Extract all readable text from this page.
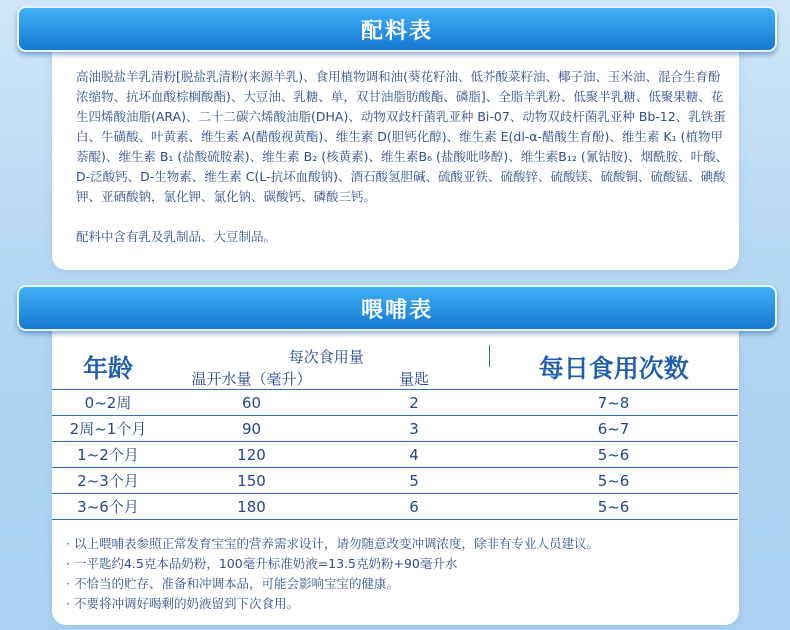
配料表

高油脱盐羊乳清粉[脱盐乳清粉(来源羊乳)、食用植物调和油(葵花籽油、低芥酸菜籽油、椰子油、玉米油、混合生育酚浓缩物、抗坏血酸棕榈酸酯)、大豆油、乳糖、单，双甘油脂肪酸酯、磷脂]、全脂羊乳粉、低聚半乳糖、低聚果糖、花生四烯酸油脂(ARA)、二十二碳六烯酸油脂(DHA)、动物双歧杆菌乳亚种 Bi-07、动物双歧杆菌乳亚种 Bb-12、乳铁蛋白、牛磺酸、叶黄素、维生素 A(醋酸视黄酯)、维生素 D(胆钙化醇)、维生素 E(dl-α-醋酸生育酚)、维生素 K₁ (植物甲萘醌)、维生素 B₁ (盐酸硫胺素)、维生素 B₂ (核黄素)、维生素B₆ (盐酸吡哆醇)、维生素B₁₂ (氰钴胺)、烟酰胺、叶酸、D-泛酸钙、D-生物素、维生素 C(L-抗坏血酸钠)、酒石酸氢胆碱、硫酸亚铁、硫酸锌、硫酸镁、硫酸铜、硫酸锰、碘酸钾、亚硒酸钠，氯化钾、氯化钠、碳酸钙、磷酸三钙。

配料中含有乳及乳制品、大豆制品。

喂哺表
年龄	每次食用量		每日食用次数
	温开水量（毫升）	量匙	
0~2周	60	2	7~8
2周~1个月	90	3	6~7
1~2个月	120	4	5~6
2~3个月	150	5	5~6
3~6个月	180	6	5~6
· 以上喂哺表参照正常发育宝宝的营养需求设计，请勿随意改变冲调浓度，除非有专业人员建议。
· 一平匙约4.5克本品奶粉，100毫升标准奶液=13.5克奶粉+90毫升水
· 不恰当的贮存、准备和冲调本品，可能会影响宝宝的健康。
· 不要将冲调好喝剩的奶液留到下次食用。
